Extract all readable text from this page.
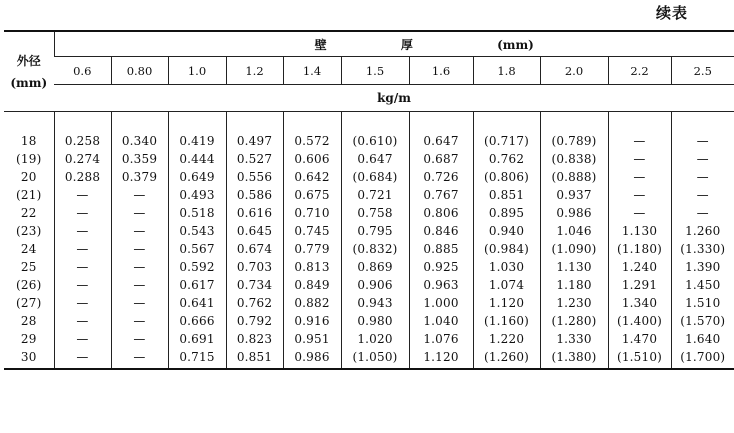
续表
外径
(mm)	壁 厚 (mm)										
	0.6	0.80	1.0	1.2	1.4	1.5	1.6	1.8	2.0	2.2	2.5
	kg/m										

18	0.258	0.340	0.419	0.497	0.572	(0.610)	0.647	(0.717)	(0.789)	—	—
(19)	0.274	0.359	0.444	0.527	0.606	0.647	0.687	0.762	(0.838)	—	—
20	0.288	0.379	0.649	0.556	0.642	(0.684)	0.726	(0.806)	(0.888)	—	—
(21)	—	—	0.493	0.586	0.675	0.721	0.767	0.851	0.937	—	—
22	—	—	0.518	0.616	0.710	0.758	0.806	0.895	0.986	—	—
(23)	—	—	0.543	0.645	0.745	0.795	0.846	0.940	1.046	1.130	1.260
24	—	—	0.567	0.674	0.779	(0.832)	0.885	(0.984)	(1.090)	(1.180)	(1.330)
25	—	—	0.592	0.703	0.813	0.869	0.925	1.030	1.130	1.240	1.390
(26)	—	—	0.617	0.734	0.849	0.906	0.963	1.074	1.180	1.291	1.450
(27)	—	—	0.641	0.762	0.882	0.943	1.000	1.120	1.230	1.340	1.510
28	—	—	0.666	0.792	0.916	0.980	1.040	(1.160)	(1.280)	(1.400)	(1.570)
29	—	—	0.691	0.823	0.951	1.020	1.076	1.220	1.330	1.470	1.640
30	—	—	0.715	0.851	0.986	(1.050)	1.120	(1.260)	(1.380)	(1.510)	(1.700)
